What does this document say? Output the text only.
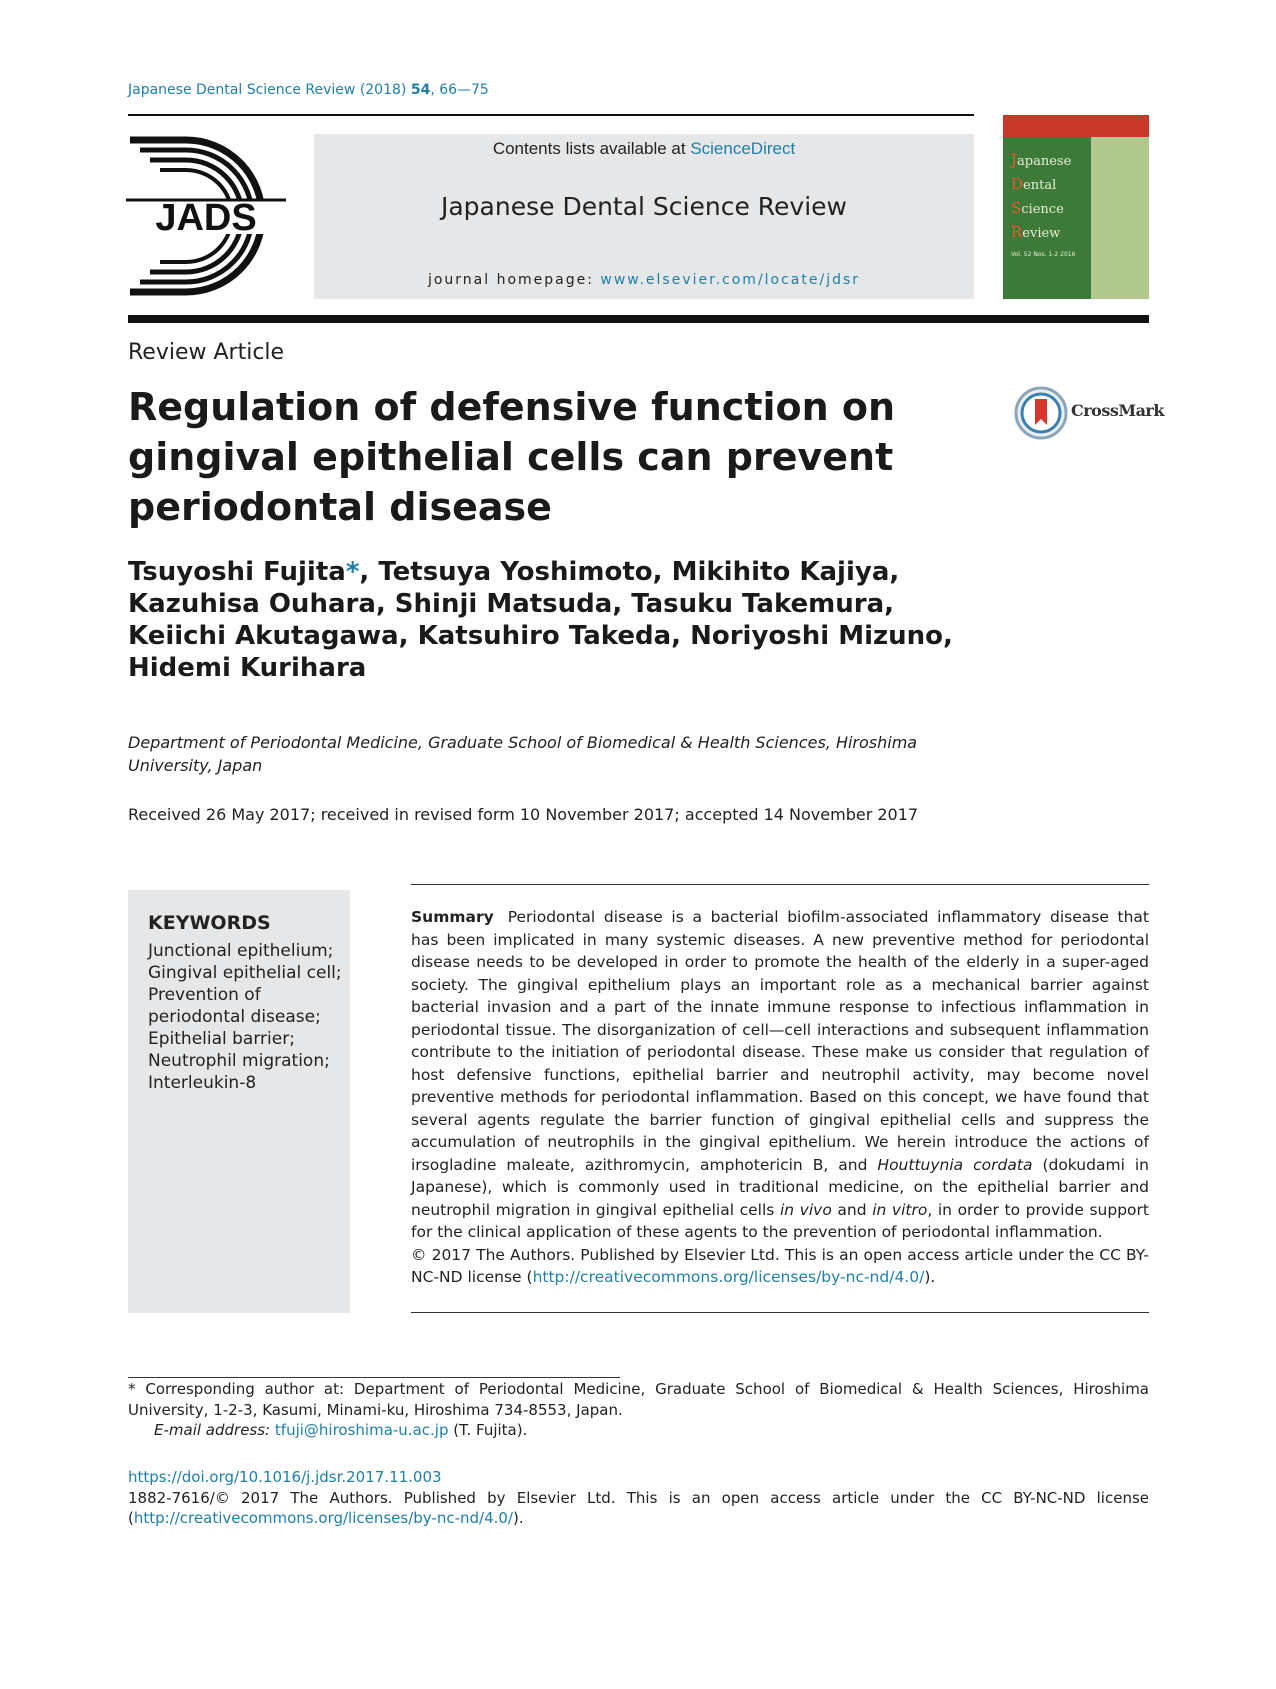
Japanese Dental Science Review (2018) 54, 66—75
JADS
Contents lists available at ScienceDirect
Japanese Dental Science Review
journal homepage: www.elsevier.com/locate/jdsr
Japanese
Dental
Science
Review
Vol. 52 Nos. 1-2 2016
Review Article
Regulation of defensive function on gingival epithelial cells can prevent periodontal disease
CrossMark
Tsuyoshi Fujita*, Tetsuya Yoshimoto, Mikihito Kajiya,
Kazuhisa Ouhara, Shinji Matsuda, Tasuku Takemura,
Keiichi Akutagawa, Katsuhiro Takeda, Noriyoshi Mizuno,
Hidemi Kurihara
Department of Periodontal Medicine, Graduate School of Biomedical & Health Sciences, Hiroshima University, Japan
Received 26 May 2017; received in revised form 10 November 2017; accepted 14 November 2017
KEYWORDS
Junctional epithelium;
Gingival epithelial cell;
Prevention of periodontal disease;
Epithelial barrier;
Neutrophil migration;
Interleukin-8
Summary Periodontal disease is a bacterial biofilm-associated inflammatory disease that has been implicated in many systemic diseases. A new preventive method for periodontal disease needs to be developed in order to promote the health of the elderly in a super-aged society. The gingival epithelium plays an important role as a mechanical barrier against bacterial invasion and a part of the innate immune response to infectious inflammation in periodontal tissue. The disorganization of cell—cell interactions and subsequent inflammation contribute to the initiation of periodontal disease. These make us consider that regulation of host defensive functions, epithelial barrier and neutrophil activity, may become novel preventive methods for periodontal inflammation. Based on this concept, we have found that several agents regulate the barrier function of gingival epithelial cells and suppress the accumulation of neutrophils in the gingival epithelium. We herein introduce the actions of irsogladine maleate, azithromycin, amphotericin B, and Houttuynia cordata (dokudami in Japanese), which is commonly used in traditional medicine, on the epithelial barrier and neutrophil migration in gingival epithelial cells in vivo and in vitro, in order to provide support for the clinical application of these agents to the prevention of periodontal inflammation.
© 2017 The Authors. Published by Elsevier Ltd. This is an open access article under the CC BY-NC-ND license (http://creativecommons.org/licenses/by-nc-nd/4.0/).
* Corresponding author at: Department of Periodontal Medicine, Graduate School of Biomedical & Health Sciences, Hiroshima University, 1-2-3, Kasumi, Minami-ku, Hiroshima 734-8553, Japan.
E-mail address: tfuji@hiroshima-u.ac.jp (T. Fujita).
https://doi.org/10.1016/j.jdsr.2017.11.003
1882-7616/© 2017 The Authors. Published by Elsevier Ltd. This is an open access article under the CC BY-NC-ND license
(http://creativecommons.org/licenses/by-nc-nd/4.0/).
